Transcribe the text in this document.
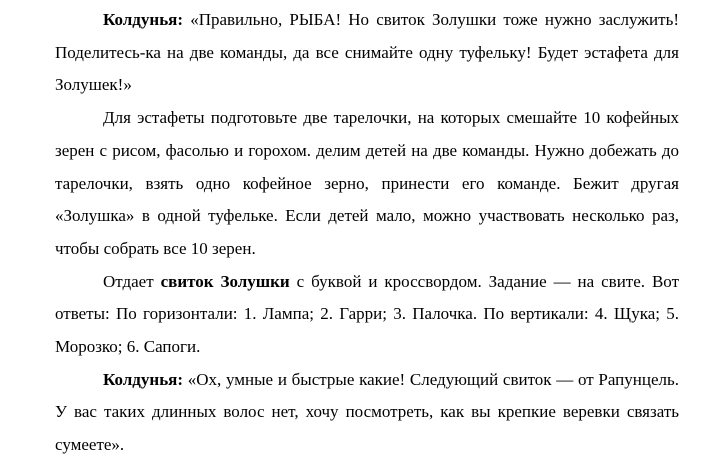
Колдунья: «Правильно, РЫБА! Но свиток Золушки тоже нужно заслужить! Поделитесь-ка на две команды, да все снимайте одну туфельку! Будет эстафета для Золушек!»

Для эстафеты подготовьте две тарелочки, на которых смешайте 10 кофейных зерен с рисом, фасолью и горохом. делим детей на две команды. Нужно добежать до тарелочки, взять одно кофейное зерно, принести его команде. Бежит другая «Золушка» в одной туфельке. Если детей мало, можно участвовать несколько раз, чтобы собрать все 10 зерен.

Отдает свиток Золушки с буквой и кроссвордом. Задание — на свите. Вот ответы: По горизонтали: 1. Лампа; 2. Гарри; 3. Палочка. По вертикали: 4. Щука; 5. Морозко; 6. Сапоги.

Колдунья: «Ох, умные и быстрые какие! Следующий свиток — от Рапунцель. У вас таких длинных волос нет, хочу посмотреть, как вы крепкие веревки связать сумеете».
